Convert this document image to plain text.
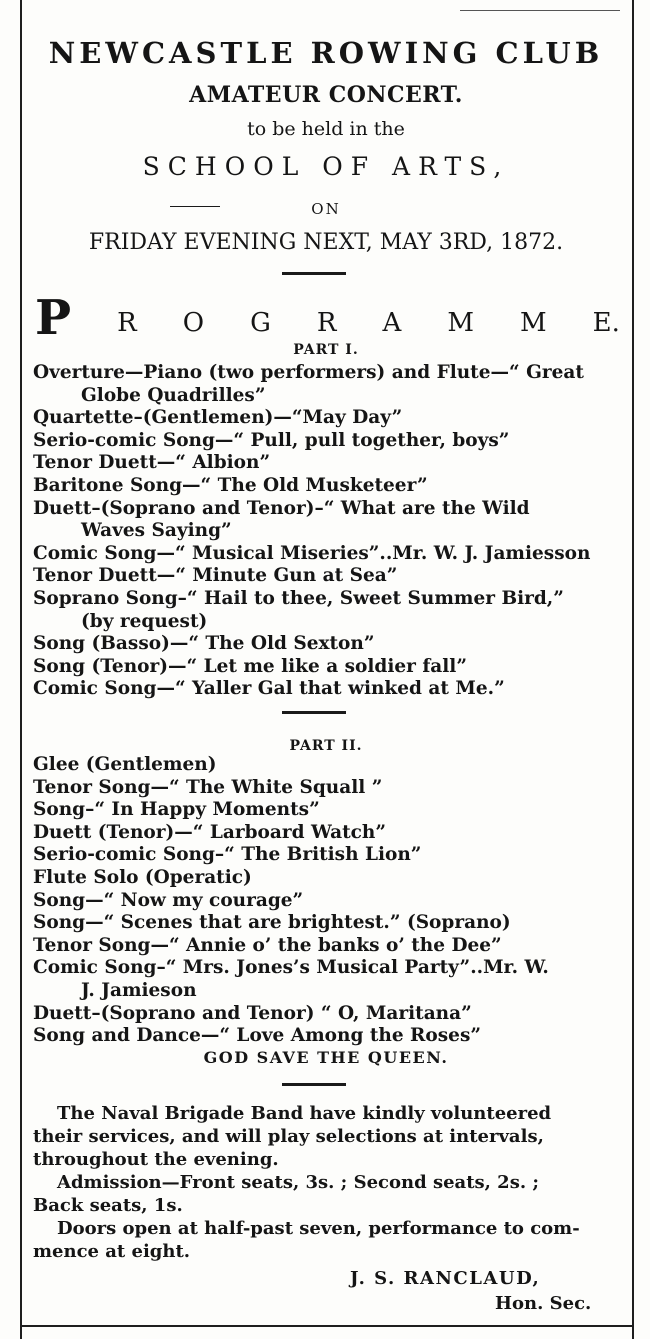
NEWCASTLE ROWING CLUB
AMATEUR CONCERT.
to be held in the
SCHOOL OF ARTS,
ON
FRIDAY EVENING NEXT, MAY 3RD, 1872.
P R O G R A M M E.
PART I.
Overture—Piano (two performers) and Flute—“ Great
Globe Quadrilles”
Quartette–(Gentlemen)—“May Day”
Serio-comic Song—“ Pull, pull together, boys”
Tenor Duett—“ Albion”
Baritone Song—“ The Old Musketeer”
Duett–(Soprano and Tenor)–“ What are the Wild
Waves Saying”
Comic Song—“ Musical Miseries”..Mr. W. J. Jamiesson
Tenor Duett—“ Minute Gun at Sea”
Soprano Song–“ Hail to thee, Sweet Summer Bird,”
(by request)
Song (Basso)—“ The Old Sexton”
Song (Tenor)—“ Let me like a soldier fall”
Comic Song—“ Yaller Gal that winked at Me.”
PART II.
Glee (Gentlemen)
Tenor Song—“ The White Squall ”
Song–“ In Happy Moments”
Duett (Tenor)—“ Larboard Watch”
Serio-comic Song–“ The British Lion”
Flute Solo (Operatic)
Song—“ Now my courage”
Song—“ Scenes that are brightest.” (Soprano)
Tenor Song—“ Annie o’ the banks o’ the Dee”
Comic Song–“ Mrs. Jones’s Musical Party”..Mr. W.
J. Jamieson
Duett–(Soprano and Tenor) “ O, Maritana”
Song and Dance—“ Love Among the Roses”
GOD SAVE THE QUEEN.
The Naval Brigade Band have kindly volunteered
their services, and will play selections at intervals,
throughout the evening.
Admission—Front seats, 3s. ; Second seats, 2s. ;
Back seats, 1s.
Doors open at half-past seven, performance to com-
mence at eight.
J. S. RANCLAUD,
Hon. Sec.
